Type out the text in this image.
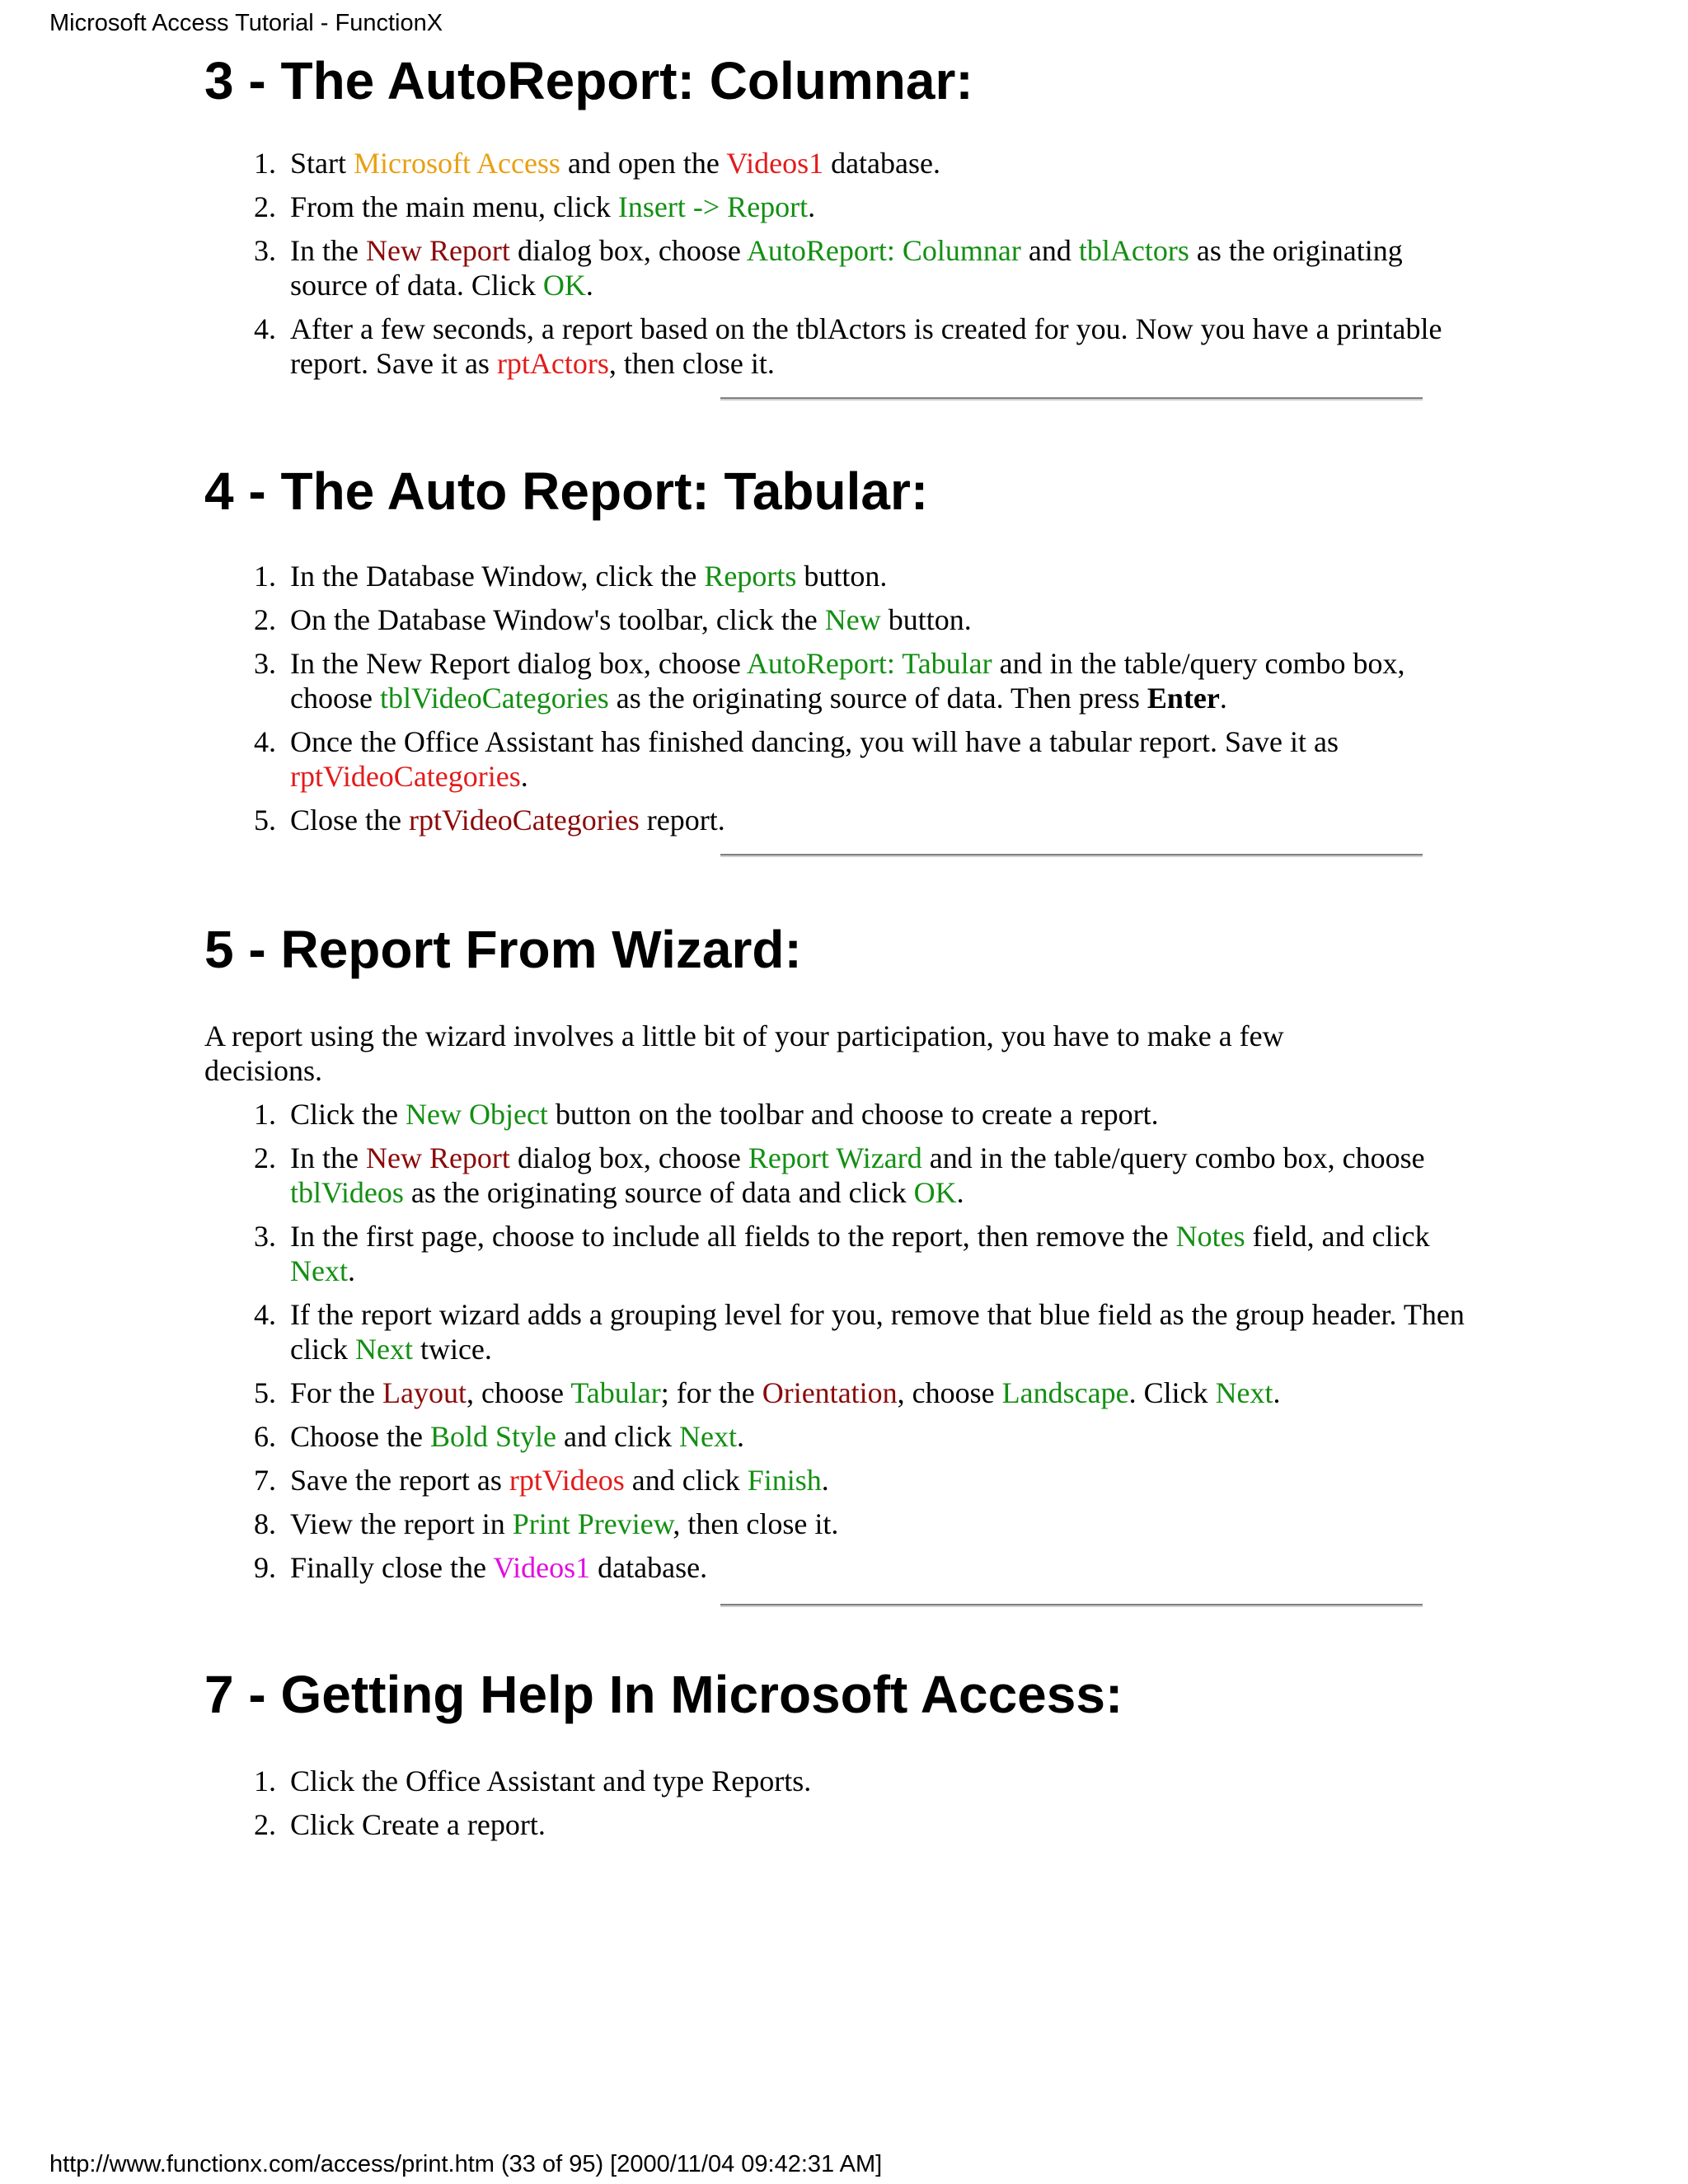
Microsoft Access Tutorial - FunctionX
3 - The AutoReport: Columnar:
1. Start Microsoft Access and open the Videos1 database.
2. From the main menu, click Insert -> Report.
3. In the New Report dialog box, choose AutoReport: Columnar and tblActors as the originating source of data. Click OK.
4. After a few seconds, a report based on the tblActors is created for you. Now you have a printable report. Save it as rptActors, then close it.
4 - The Auto Report: Tabular:
1. In the Database Window, click the Reports button.
2. On the Database Window's toolbar, click the New button.
3. In the New Report dialog box, choose AutoReport: Tabular and in the table/query combo box, choose tblVideoCategories as the originating source of data. Then press Enter.
4. Once the Office Assistant has finished dancing, you will have a tabular report. Save it as rptVideoCategories.
5. Close the rptVideoCategories report.
5 - Report From Wizard:

A report using the wizard involves a little bit of your participation, you have to make a few decisions.

1. Click the New Object button on the toolbar and choose to create a report.
2. In the New Report dialog box, choose Report Wizard and in the table/query combo box, choose tblVideos as the originating source of data and click OK.
3. In the first page, choose to include all fields to the report, then remove the Notes field, and click Next.
4. If the report wizard adds a grouping level for you, remove that blue field as the group header. Then click Next twice.
5. For the Layout, choose Tabular; for the Orientation, choose Landscape. Click Next.
6. Choose the Bold Style and click Next.
7. Save the report as rptVideos and click Finish.
8. View the report in Print Preview, then close it.
9. Finally close the Videos1 database.
7 - Getting Help In Microsoft Access:
1. Click the Office Assistant and type Reports.
2. Click Create a report.
http://www.functionx.com/access/print.htm (33 of 95) [2000/11/04 09:42:31 AM]
